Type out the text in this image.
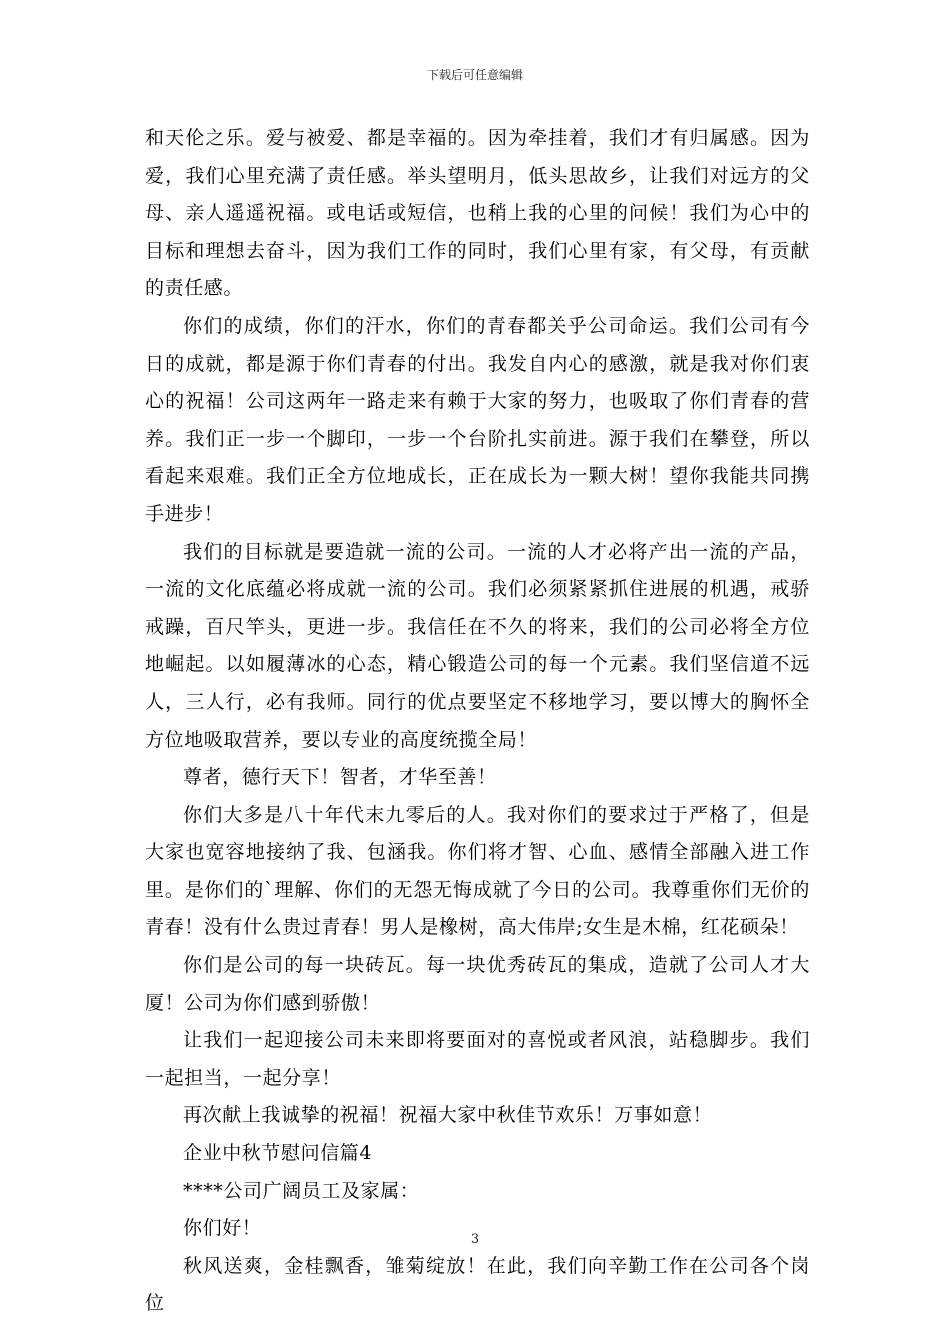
下载后可任意编辑

和天伦之乐。爱与被爱、都是幸福的。因为牵挂着，我们才有归属感。因为爱，我们心里充满了责任感。举头望明月，低头思故乡，让我们对远方的父母、亲人遥遥祝福。或电话或短信，也稍上我的心里的问候！我们为心中的目标和理想去奋斗，因为我们工作的同时，我们心里有家，有父母，有贡献的责任感。

你们的成绩，你们的汗水，你们的青春都关乎公司命运。我们公司有今日的成就，都是源于你们青春的付出。我发自内心的感激，就是我对你们衷心的祝福！公司这两年一路走来有赖于大家的努力，也吸取了你们青春的营养。我们正一步一个脚印，一步一个台阶扎实前进。源于我们在攀登，所以看起来艰难。我们正全方位地成长，正在成长为一颗大树！望你我能共同携手进步！

我们的目标就是要造就一流的公司。一流的人才必将产出一流的产品，一流的文化底蕴必将成就一流的公司。我们必须紧紧抓住进展的机遇，戒骄戒躁，百尺竿头，更进一步。我信任在不久的将来，我们的公司必将全方位地崛起。以如履薄冰的心态，精心锻造公司的每一个元素。我们坚信道不远人，三人行，必有我师。同行的优点要坚定不移地学习，要以博大的胸怀全方位地吸取营养，要以专业的高度统揽全局！

尊者，德行天下！智者，才华至善！

你们大多是八十年代末九零后的人。我对你们的要求过于严格了，但是大家也宽容地接纳了我、包涵我。你们将才智、心血、感情全部融入进工作里。是你们的`理解、你们的无怨无悔成就了今日的公司。我尊重你们无价的青春！没有什么贵过青春！男人是橡树，高大伟岸;女生是木棉，红花硕朵！

你们是公司的每一块砖瓦。每一块优秀砖瓦的集成，造就了公司人才大厦！公司为你们感到骄傲！

让我们一起迎接公司未来即将要面对的喜悦或者风浪，站稳脚步。我们一起担当，一起分享！

再次献上我诚挚的祝福！祝福大家中秋佳节欢乐！万事如意！

企业中秋节慰问信篇4

****公司广阔员工及家属：

你们好！

秋风送爽，金桂飘香，雏菊绽放！在此，我们向辛勤工作在公司各个岗位

3
